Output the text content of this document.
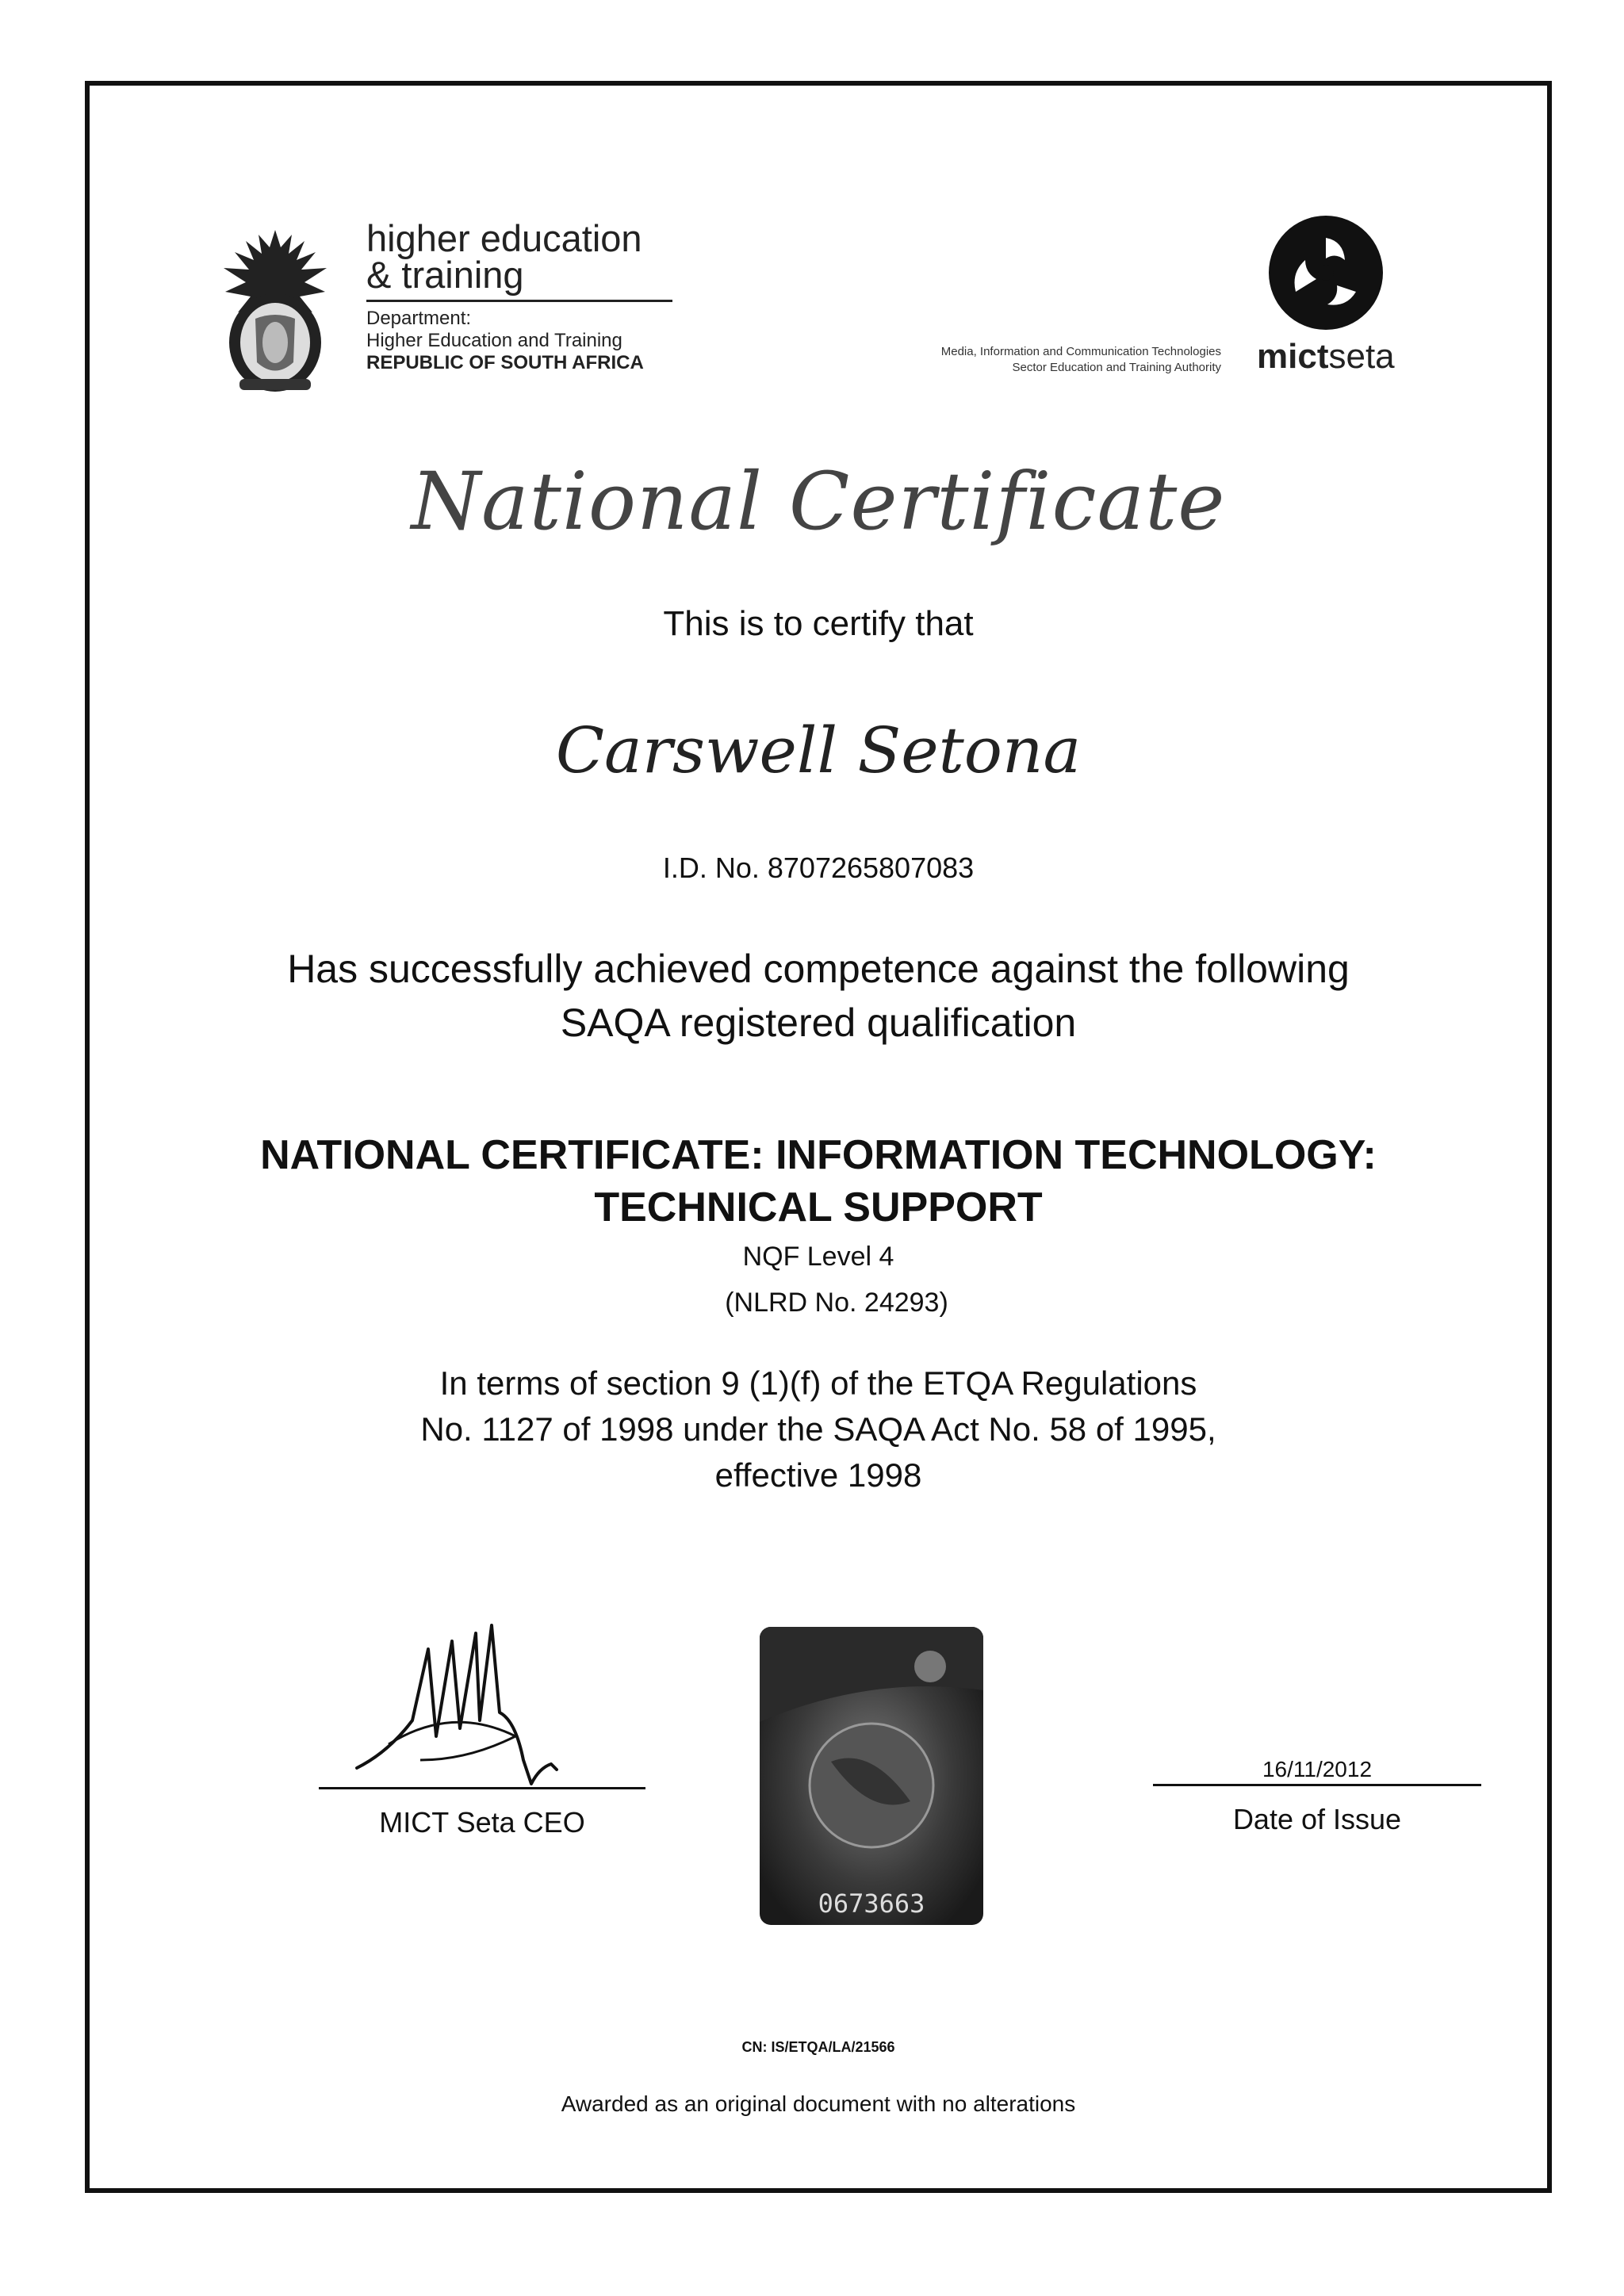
higher education
& training
Department:
Higher Education and Training
REPUBLIC OF SOUTH AFRICA
Media, Information and Communication Technologies
Sector Education and Training Authority mictseta
National Certificate
This is to certify that
Carswell Setona
I.D. No. 8707265807083
Has successfully achieved competence against the following
SAQA registered qualification
NATIONAL CERTIFICATE: INFORMATION TECHNOLOGY:
TECHNICAL SUPPORT
NQF Level 4
(NLRD No. 24293)
In terms of section 9 (1)(f) of the ETQA Regulations
No. 1127 of 1998 under the SAQA Act No. 58 of 1995,
effective 1998
MICT Seta CEO
0673663
16/11/2012
Date of Issue
CN: IS/ETQA/LA/21566
Awarded as an original document with no alterations
